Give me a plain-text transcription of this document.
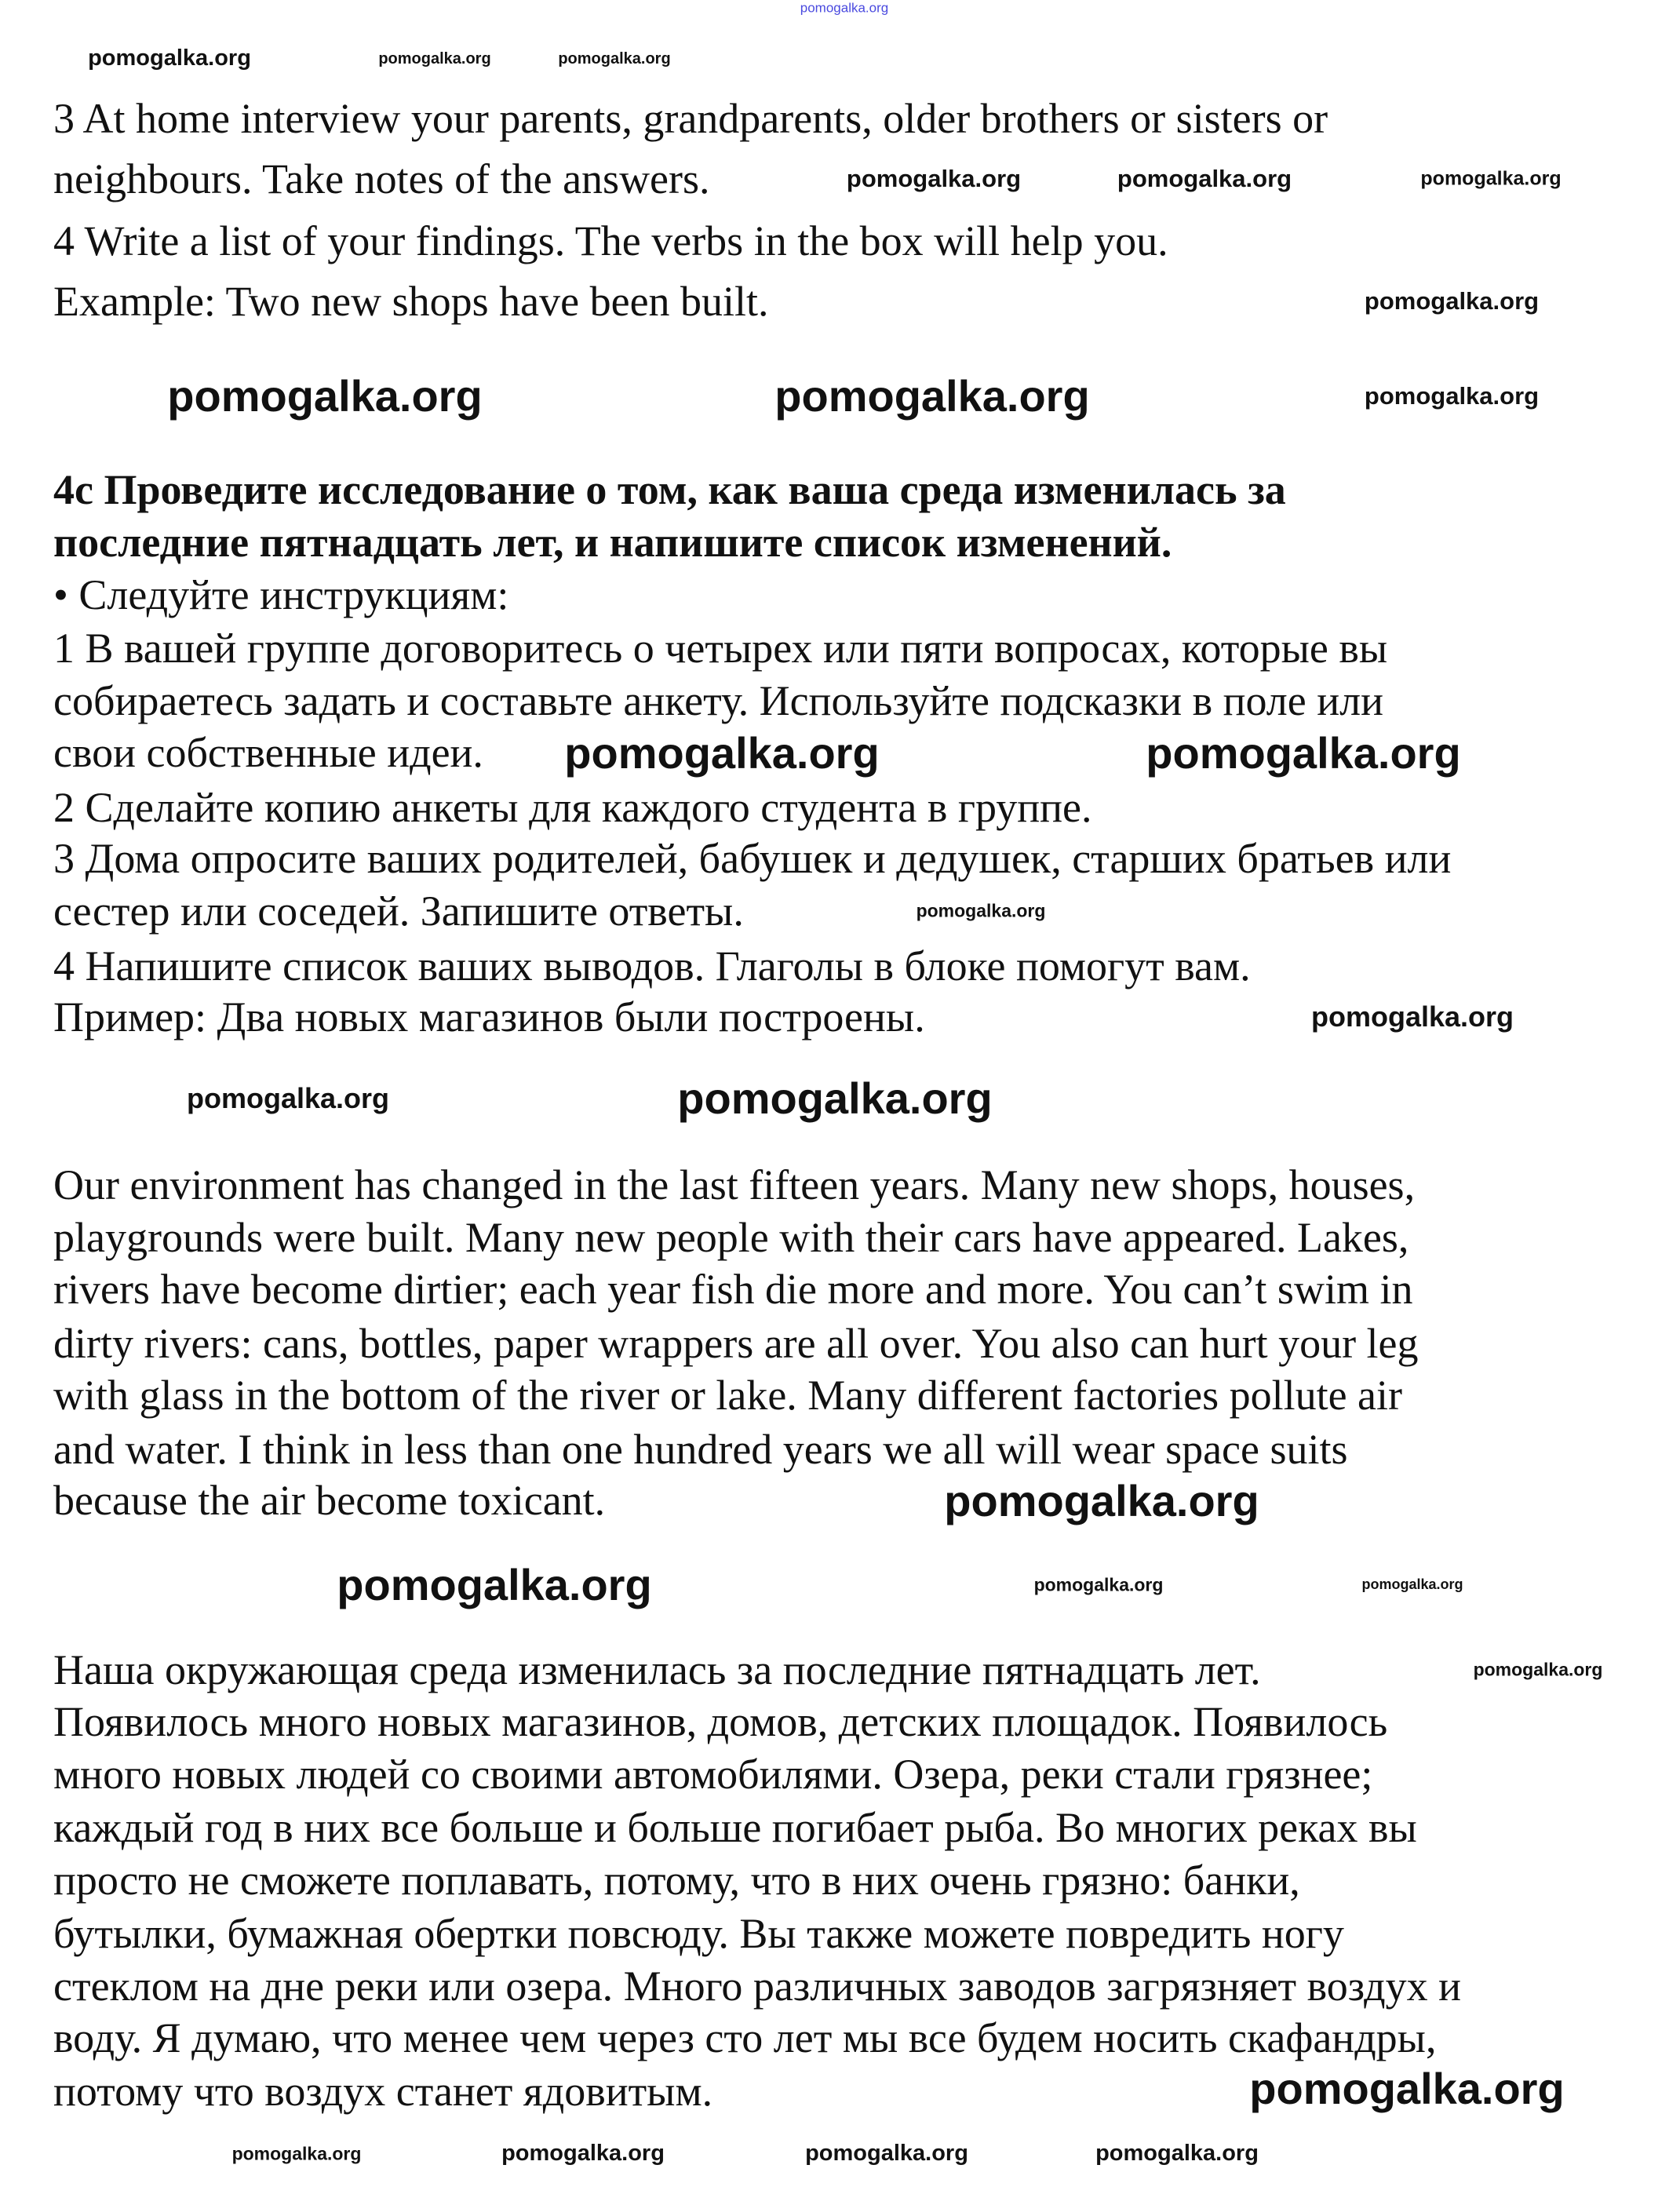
3 At home interview your parents, grandparents, older brothers or sisters or
neighbours. Take notes of the answers.
4 Write a list of your findings. The verbs in the box will help you.
Example: Two new shops have been built.
4c Проведите исследование о том, как ваша среда изменилась за
последние пятнадцать лет, и напишите список изменений.
• Следуйте инструкциям:
1 В вашей группе договоритесь о четырех или пяти вопросах, которые вы
собираетесь задать и составьте анкету. Используйте подсказки в поле или
свои собственные идеи.
2 Сделайте копию анкеты для каждого студента в группе.
3 Дома опросите ваших родителей, бабушек и дедушек, старших братьев или
сестер или соседей. Запишите ответы.
4 Напишите список ваших выводов. Глаголы в блоке помогут вам.
Пример: Два новых магазинов были построены.
Our environment has changed in the last fifteen years. Many new shops, houses,
playgrounds were built. Many new people with their cars have appeared. Lakes,
rivers have become dirtier; each year fish die more and more. You can’t swim in
dirty rivers: cans, bottles, paper wrappers are all over. You also can hurt your leg
with glass in the bottom of the river or lake. Many different factories pollute air
and water. I think in less than one hundred years we all will wear space suits
because the air become toxicant.
Наша окружающая среда изменилась за последние пятнадцать лет.
Появилось много новых магазинов, домов, детских площадок. Появилось
много новых людей со своими автомобилями. Озера, реки стали грязнее;
каждый год в них все больше и больше погибает рыба. Во многих реках вы
просто не сможете поплавать, потому, что в них очень грязно: банки,
бутылки, бумажная обертки повсюду. Вы также можете повредить ногу
стеклом на дне реки или озера. Много различных заводов загрязняет воздух и
воду. Я думаю, что менее чем через сто лет мы все будем носить скафандры,
потому что воздух станет ядовитым.
pomogalka.org
pomogalka.org	pomogalka.org	pomogalka.org
pomogalka.org	pomogalka.org	pomogalka.org
pomogalka.org
pomogalka.org	pomogalka.org	pomogalka.org
pomogalka.org
pomogalka.org
pomogalka.org
pomogalka.org
pomogalka.org
pomogalka.org
pomogalka.org
pomogalka.org	pomogalka.org	pomogalka.org
pomogalka.org	pomogalka.org	pomogalka.org
pomogalka.org
pomogalka.org
pomogalka.org
